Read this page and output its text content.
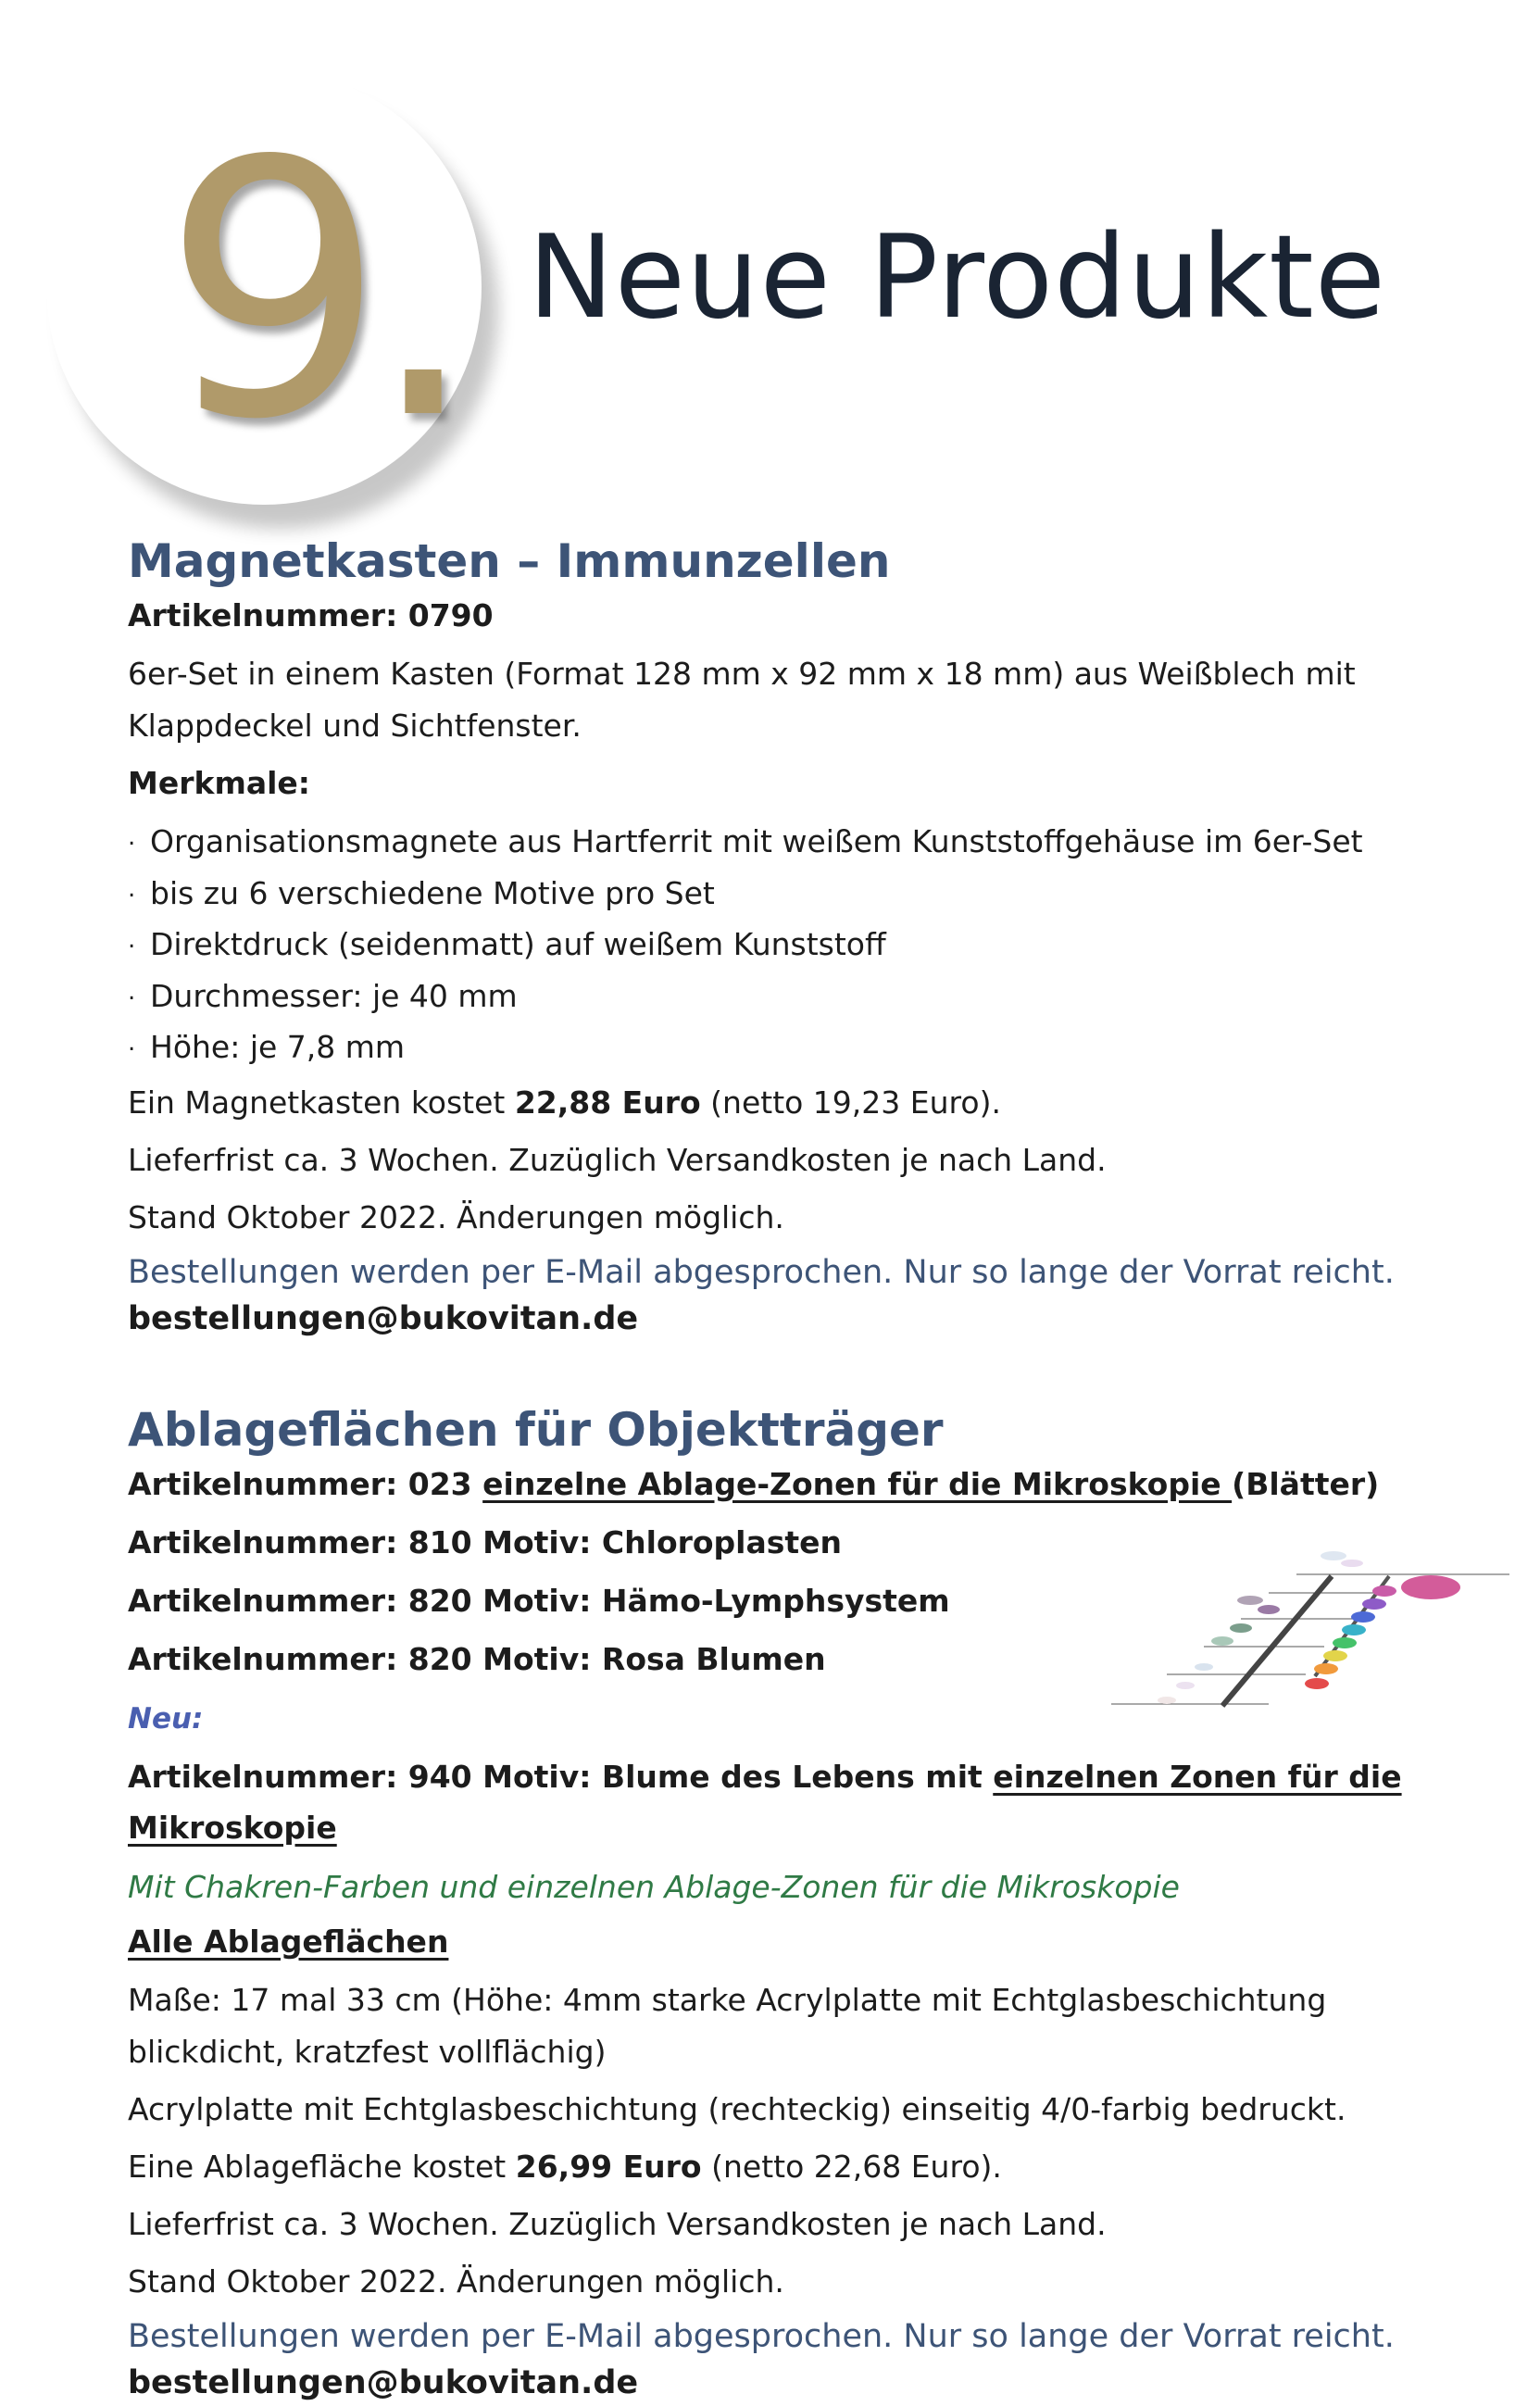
9. Neue Produkte
Magnetkasten – Immunzellen

Artikelnummer: 0790

6er-Set in einem Kasten (Format 128 mm x 92 mm x 18 mm) aus Weißblech mit Klappdeckel und Sichtfenster.

Merkmale:

. Organisationsmagnete aus Hartferrit mit weißem Kunststoffgehäuse im 6er-Set
. bis zu 6 verschiedene Motive pro Set
. Direktdruck (seidenmatt) auf weißem Kunststoff
. Durchmesser: je 40 mm
. Höhe: je 7,8 mm

Ein Magnetkasten kostet 22,88 Euro (netto 19,23 Euro).

Lieferfrist ca. 3 Wochen. Zuzüglich Versandkosten je nach Land.

Stand Oktober 2022. Änderungen möglich.

Bestellungen werden per E-Mail abgesprochen. Nur so lange der Vorrat reicht.

bestellungen@bukovitan.de

Ablageflächen für Objektträger

Artikelnummer: 023 einzelne Ablage-Zonen für die Mikroskopie (Blätter)

Artikelnummer: 810 Motiv: Chloroplasten

Artikelnummer: 820 Motiv: Hämo-Lymphsystem

Artikelnummer: 820 Motiv: Rosa Blumen

Neu:

Artikelnummer: 940 Motiv: Blume des Lebens mit einzelnen Zonen für die Mikroskopie

Mit Chakren-Farben und einzelnen Ablage-Zonen für die Mikroskopie

Alle Ablageflächen

Maße: 17 mal 33 cm (Höhe: 4mm starke Acrylplatte mit Echtglasbeschichtung blickdicht, kratzfest vollflächig)

Acrylplatte mit Echtglasbeschichtung (rechteckig) einseitig 4/0-farbig bedruckt.

Eine Ablagefläche kostet 26,99 Euro (netto 22,68 Euro).

Lieferfrist ca. 3 Wochen. Zuzüglich Versandkosten je nach Land.

Stand Oktober 2022. Änderungen möglich.

Bestellungen werden per E-Mail abgesprochen. Nur so lange der Vorrat reicht.

bestellungen@bukovitan.de
